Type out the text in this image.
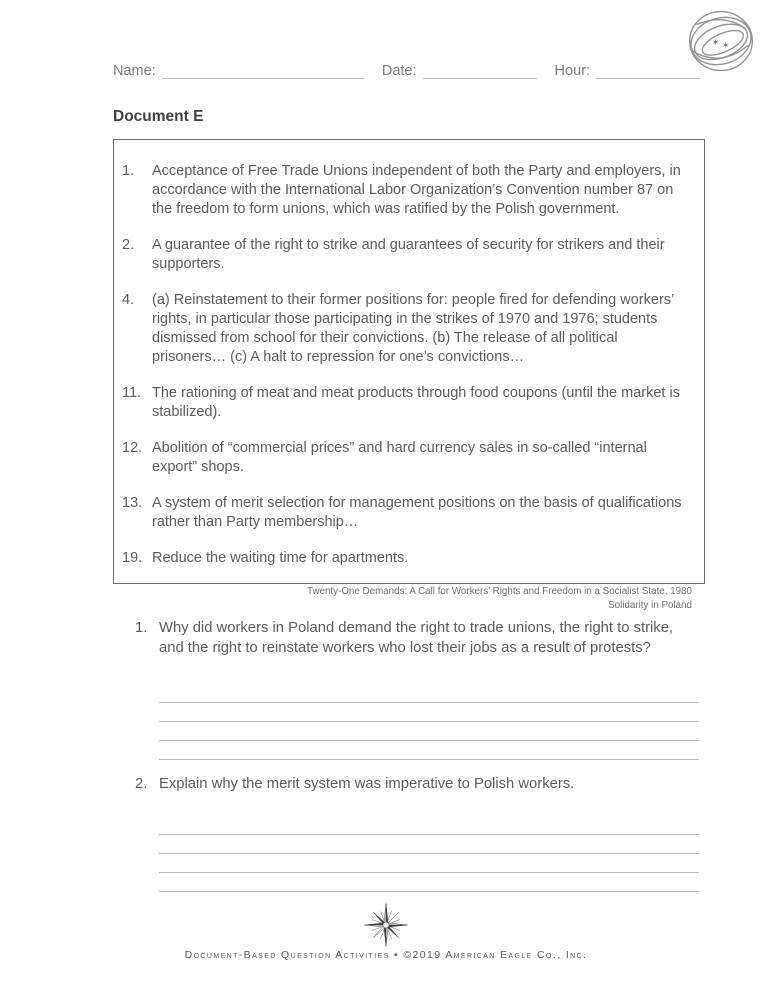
✶ ✶
Name:	Date:	Hour:
Document E
1.	Acceptance of Free Trade Unions independent of both the Party and employers, in accordance with the International Labor Organization’s Convention number 87 on the freedom to form unions, which was ratified by the Polish government.
2.	A guarantee of the right to strike and guarantees of security for strikers and their supporters.
4.	(a) Reinstatement to their former positions for: people fired for defending workers’ rights, in particular those participating in the strikes of 1970 and 1976; students dismissed from school for their convictions. (b) The release of all political prisoners… (c) A halt to repression for one’s convictions…
11. The rationing of meat and meat products through food coupons (until the market is stabilized).
12. Abolition of “commercial prices” and hard currency sales in so-called “internal export” shops.
13. A system of merit selection for management positions on the basis of qualifications rather than Party membership…
19. Reduce the waiting time for apartments.
Twenty-One Demands: A Call for Workers’ Rights and Freedom in a Socialist State, 1980
Solidarity in Poland
1. Why did workers in Poland demand the right to trade unions, the right to strike, and the right to reinstate workers who lost their jobs as a result of protests?
2. Explain why the merit system was imperative to Polish workers.
Document-Based Question Activities • ©2019 American Eagle Co., Inc.
